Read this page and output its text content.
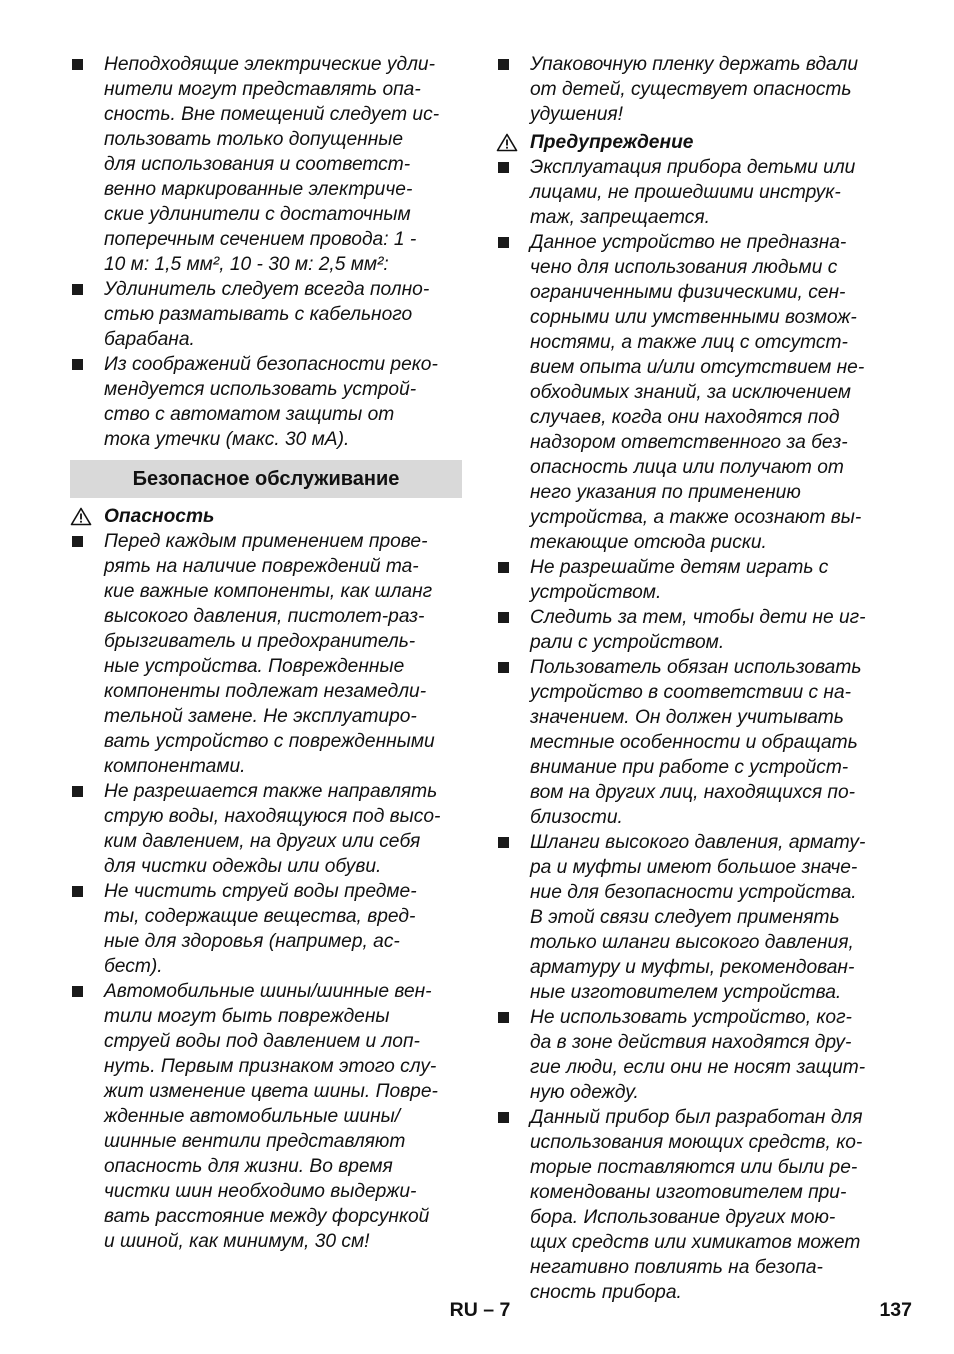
Неподходящие электрические удли-
нители могут представлять опа-
сность. Вне помещений следует ис-
пользовать только допущенные
для использования и соответст-
венно маркированные электриче-
ские удлинители с достаточным
поперечным сечением провода: 1 -
10 м: 1,5 мм², 10 - 30 м: 2,5 мм²:
Удлинитель следует всегда полно-
стью разматывать с кабельного
барабана.
Из соображений безопасности реко-
мендуется использовать устрой-
ство с автоматом защиты от
тока утечки (макс. 30 мА).
Безопасное обслуживание
Опасность
Перед каждым применением прове-
рять на наличие повреждений та-
кие важные компоненты, как шланг
высокого давления, пистолет-раз-
брызгиватель и предохранитель-
ные устройства. Поврежденные
компоненты подлежат незамедли-
тельной замене. Не эксплуатиро-
вать устройство с поврежденными
компонентами.
Не разрешается также направлять
струю воды, находящуюся под высо-
ким давлением, на других или себя
для чистки одежды или обуви.
Не чистить струей воды предме-
ты, содержащие вещества, вред-
ные для здоровья (например, ас-
бест).
Автомобильные шины/шинные вен-
тили могут быть повреждены
струей воды под давлением и лоп-
нуть. Первым признаком этого слу-
жит изменение цвета шины. Повре-
жденные автомобильные шины/
шинные вентили представляют
опасность для жизни. Во время
чистки шин необходимо выдержи-
вать расстояние между форсункой
и шиной, как минимум, 30 см!
Упаковочную пленку держать вдали
от детей, существует опасность
удушения!
Предупреждение
Эксплуатация прибора детьми или
лицами, не прошедшими инструк-
таж, запрещается.
Данное устройство не предназна-
чено для использования людьми с
ограниченными физическими, сен-
сорными или умственными возмож-
ностями, а также лиц с отсутст-
вием опыта и/или отсутствием не-
обходимых знаний, за исключением
случаев, когда они находятся под
надзором ответственного за без-
опасность лица или получают от
него указания по применению
устройства, а также осознают вы-
текающие отсюда риски.
Не разрешайте детям играть с
устройством.
Следить за тем, чтобы дети не иг-
рали с устройством.
Пользователь обязан использовать
устройство в соответствии с на-
значением. Он должен учитывать
местные особенности и обращать
внимание при работе с устройст-
вом на других лиц, находящихся по-
близости.
Шланги высокого давления, армату-
ра и муфты имеют большое значе-
ние для безопасности устройства.
В этой связи следует применять
только шланги высокого давления,
арматуру и муфты, рекомендован-
ные изготовителем устройства.
Не использовать устройство, ког-
да в зоне действия находятся дру-
гие люди, если они не носят защит-
ную одежду.
Данный прибор был разработан для
использования моющих средств, ко-
торые поставляются или были ре-
комендованы изготовителем при-
бора. Использование других мою-
щих средств или химикатов может
негативно повлиять на безопа-
сность прибора.
RU – 7	137
